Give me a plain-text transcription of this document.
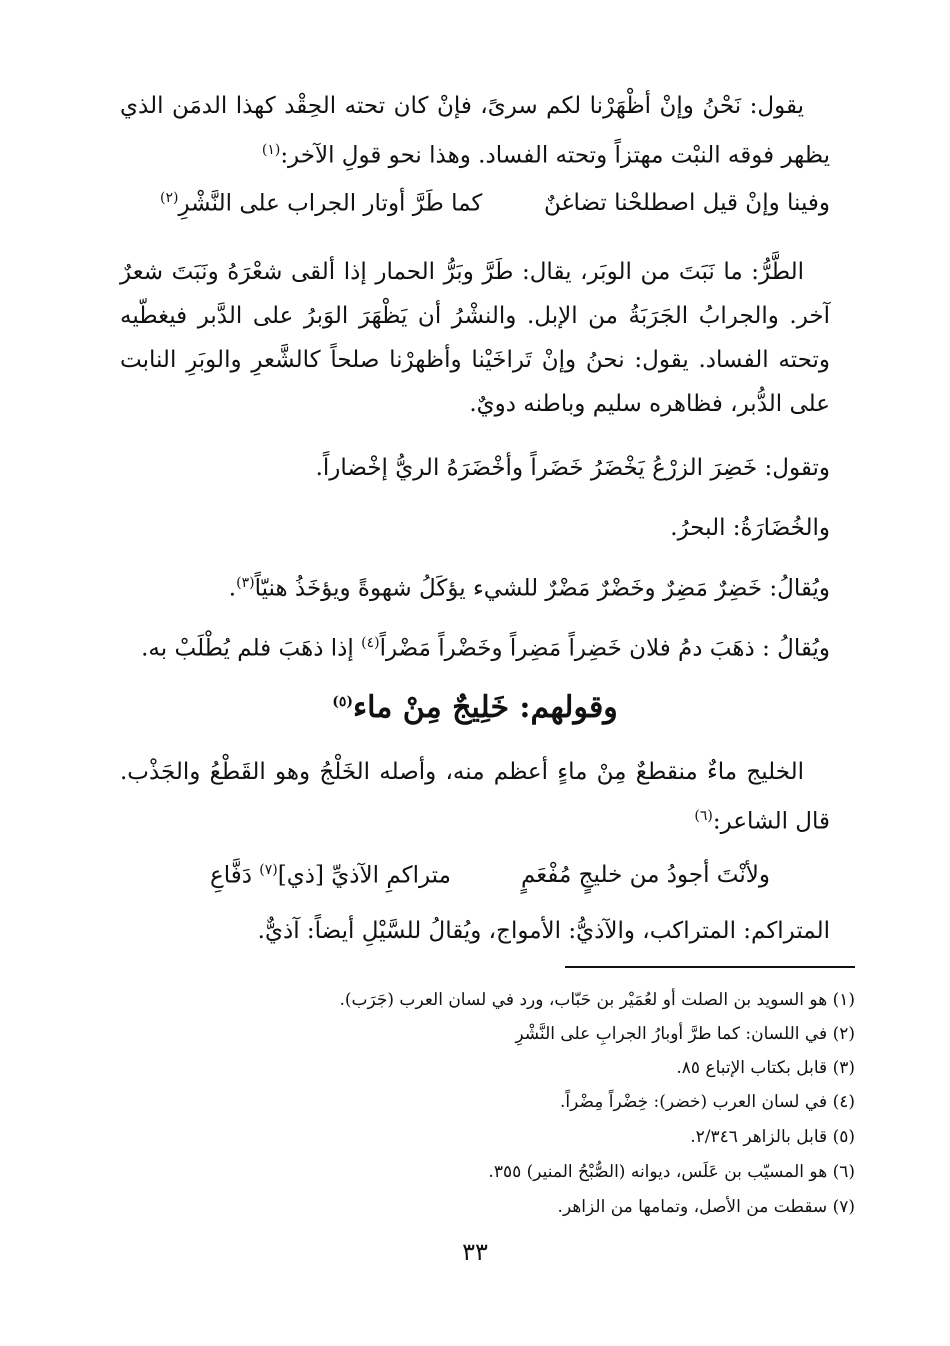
يقول: نَحْنُ وإنْ أظْهَرْنا لكم سرىً، فإنْ كان تحته الحِقْد كهذا الدمَن الذي يظهر فوقه النبْت مهتزاً وتحته الفساد. وهذا نحو قولِ الآخر:$^{(١)}$
وفينا وإنْ قيل اصطلحْنا تضاغنٌ
كما طَرَّ أوتار الجراب على النَّشْرِ$^{(٢)}$
الطَّرُّ: ما نَبَتَ من الوبَر، يقال: طَرَّ وبَرُّ الحمار إذا ألقى شعْرَهُ ونَبَتَ شعرٌ آخر. والجرابُ الجَرَبَةُ من الإبل. والنشْرُ أن يَظْهَرَ الوَبرُ على الدَّبر فيغطّيه وتحته الفساد. يقول: نحنُ وإنْ تَراخَيْنا وأظهرْنا صلحاً كالشَّعرِ والوبَرِ النابت على الدُّبر، فظاهره سليم وباطنه دويٌ.
وتقول: خَضِرَ الزرْعُ يَخْضَرُ خَضَراً وأخْضَرَهُ الريُّ إخْضاراً.
والخُضَارَةُ: البحرُ.
ويُقالُ: خَضِرٌ مَضِرٌ وخَضْرٌ مَضْرٌ للشيء يؤكَلُ شهوةً ويؤخَذُ هنيّاً$^{(٣)}$.
ويُقالُ : ذهَبَ دمُ فلان خَضِراً مَضِراً وخَضْراً مَضْراً$^{(٤)}$ إذا ذهَبَ فلم يُطْلَبْ به.
وقولهم: خَلِيجٌ مِنْ ماء$^{(٥)}$
الخليج ماءٌ منقطعٌ مِنْ ماءٍ أعظم منه، وأصله الخَلْجُ وهو القَطْعُ والجَذْب. قال الشاعر:$^{(٦)}$
ولأنْتَ أجودُ من خليجٍ مُفْعَمٍ
متراكمِ الآذيِّ [ذي]$^{(٧)}$ دَفَّاعِ
المتراكم: المتراكب، والآذيُّ: الأمواج، ويُقالُ للسَّيْلِ أيضاً: آذيٌّ.
(١) هو السويد بن الصلت أو لعُمَيْر بن حَبّاب، ورد في لسان العرب (جَرَب).
(٢) في اللسان: كما طرَّ أوبارُ الجرابِ على النَّشْرِ
(٣) قابل بكتاب الإتباع ٨٥.
(٤) في لسان العرب (خضر): خِضْراً مِضْراً.
(٥) قابل بالزاهر ٢/٣٤٦.
(٦) هو المسيّب بن عَلَس، ديوانه (الصُّبْحُ المنير) ٣٥٥.
(٧) سقطت من الأصل، وتمامها من الزاهر.
٣٣
